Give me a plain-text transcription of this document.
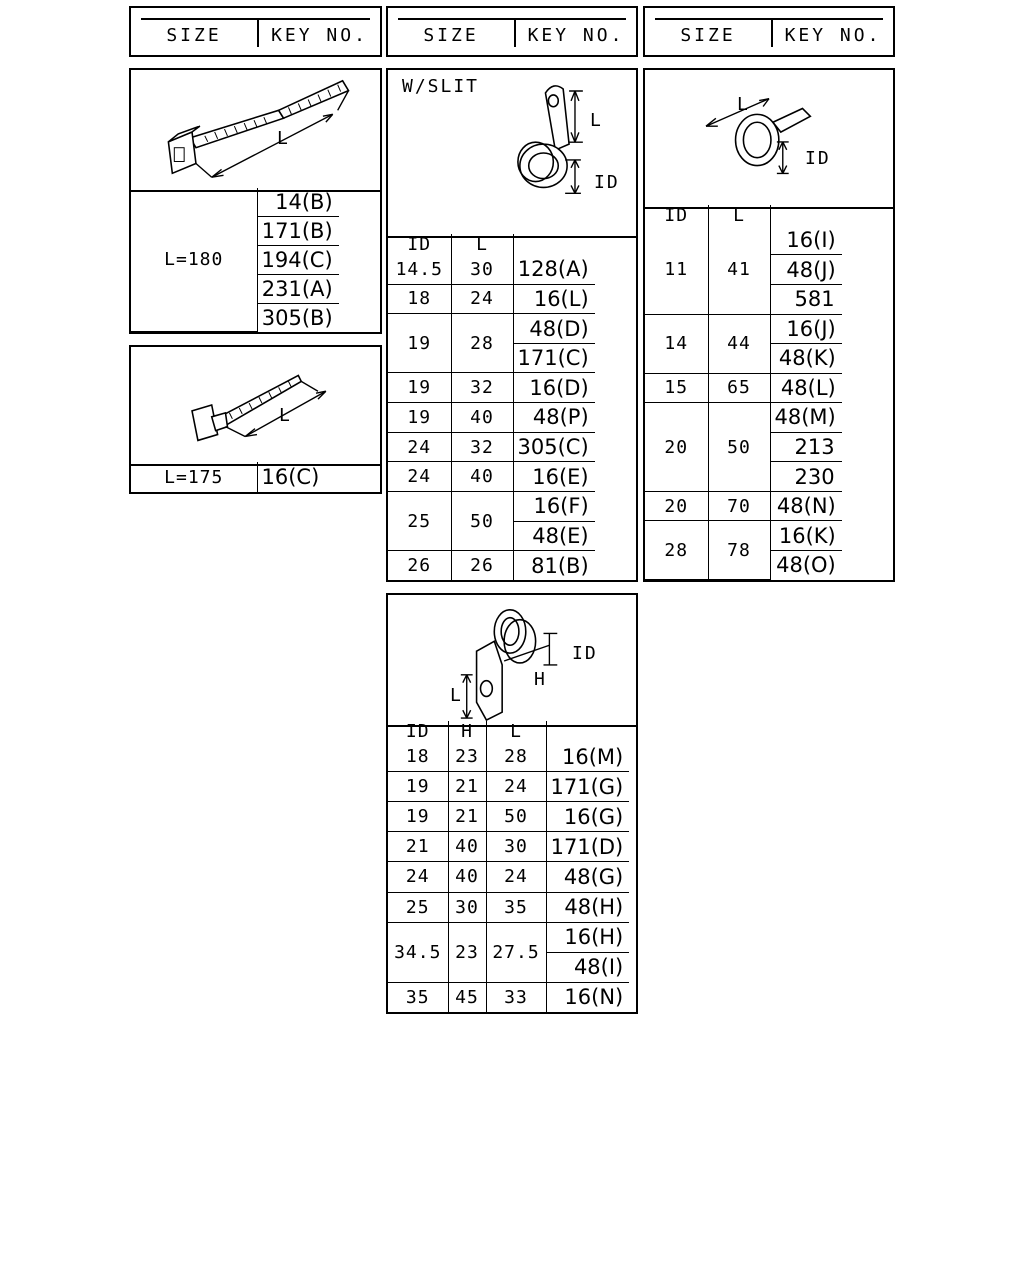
SIZE	KEY NO.	SIZE	KEY NO.	SIZE	KEY NO.
L
L=180	14(B)
171(B)
194(C)
231(A)
305(B)
L
L=175	16(C)
W/SLIT
L
ID
ID	L	
14.5	30	128(A)
18	24	16(L)
19	28	48(D)
		171(C)
19	32	16(D)
19	40	48(P)
24	32	305(C)
24	40	16(E)
25	50	16(F)
		48(E)
26	26	81(B)
L
ID
ID	L	
11	41	16(I)
		48(J)
		581
14	44	16(J)
		48(K)
15	65	48(L)
20	50	48(M)
		213
		230
20	70	48(N)
28	78	16(K)
		48(O)
ID
H
L
ID	H	L	
18	23	28	16(M)
19	21	24	171(G)
19	21	50	16(G)
21	40	30	171(D)
24	40	24	48(G)
25	30	35	48(H)
34.5	23	27.5	16(H)
			48(I)
35	45	33	16(N)
